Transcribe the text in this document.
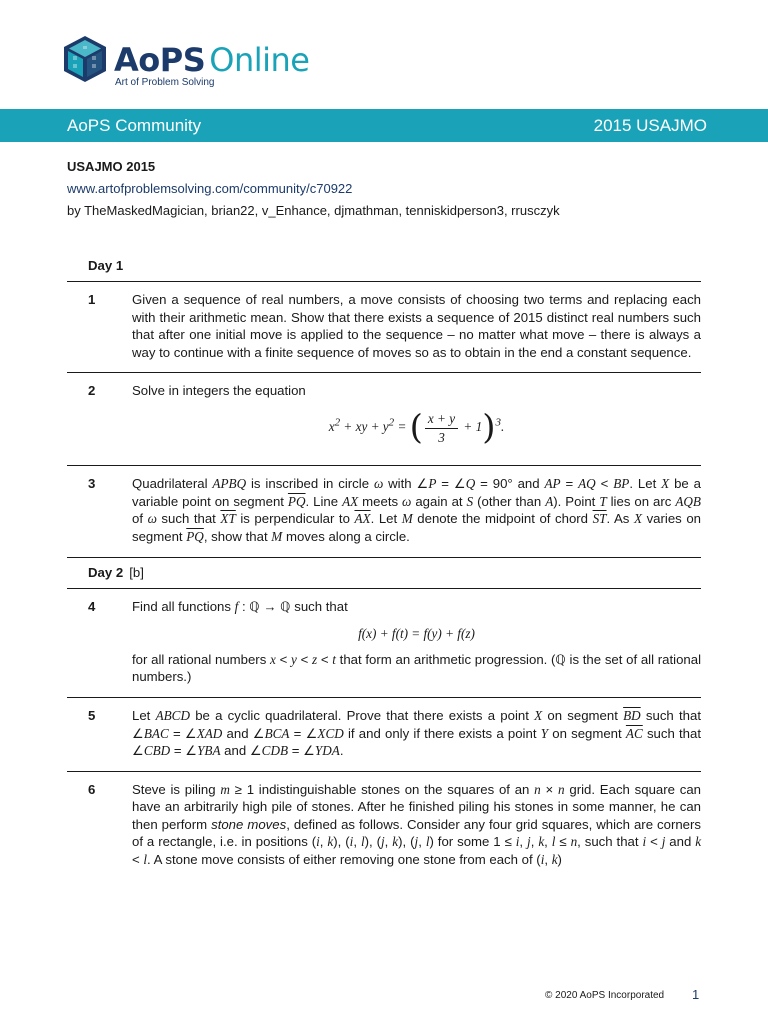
AoPS Online
Art of Problem Solving
AoPS Community	2015 USAJMO
USAJMO 2015
www.artofproblemsolving.com/community/c70922
by TheMaskedMagician, brian22, v_Enhance, djmathman, tenniskidperson3, rrusczyk
Day 1
1	Given a sequence of real numbers, a move consists of choosing two terms and replacing each with their arithmetic mean. Show that there exists a sequence of 2015 distinct real numbers such that after one initial move is applied to the sequence – no matter what move – there is always a way to continue with a finite sequence of moves so as to obtain in the end a constant sequence.
2	Solve in integers the equation
$x^2$ + xy + $y^2$ = ( $\frac{x + y}{3} + 1)^3$.
3	Quadrilateral APBQ is inscribed in circle ω with ∠P = ∠Q = 90° and AP = AQ < BP. Let X be a variable point on segment $\overline{PQ}$. Line AX meets ω again at S (other than A). Point T lies on arc AQB of ω such that $\overline{XT}$ is perpendicular to $\overline{AX}$. Let M denote the midpoint of chord $\overline{ST}$. As X varies on segment $\overline{PQ}$, show that M moves along a circle.
Day 2 [b]
4	Find all functions f : ℚ → ℚ such that
f(x) + f(t) = f(y) + f(z)
for all rational numbers x < y < z < t that form an arithmetic progression. (ℚ is the set of all rational numbers.)
5	Let ABCD be a cyclic quadrilateral. Prove that there exists a point X on segment $\overline{BD}$ such that ∠BAC = ∠XAD and ∠BCA = ∠XCD if and only if there exists a point Y on segment $\overline{AC}$ such that ∠CBD = ∠YBA and ∠CDB = ∠YDA.
6	Steve is piling m ≥ 1 indistinguishable stones on the squares of an n × n grid. Each square can have an arbitrarily high pile of stones. After he finished piling his stones in some manner, he can then perform stone moves, defined as follows. Consider any four grid squares, which are corners of a rectangle, i.e. in positions (i, k), (i, l), (j, k), (j, l) for some 1 ≤ i, j, k, l ≤ n, such that i < j and k < l. A stone move consists of either removing one stone from each of (i, k)
© 2020 AoPS Incorporated 1
